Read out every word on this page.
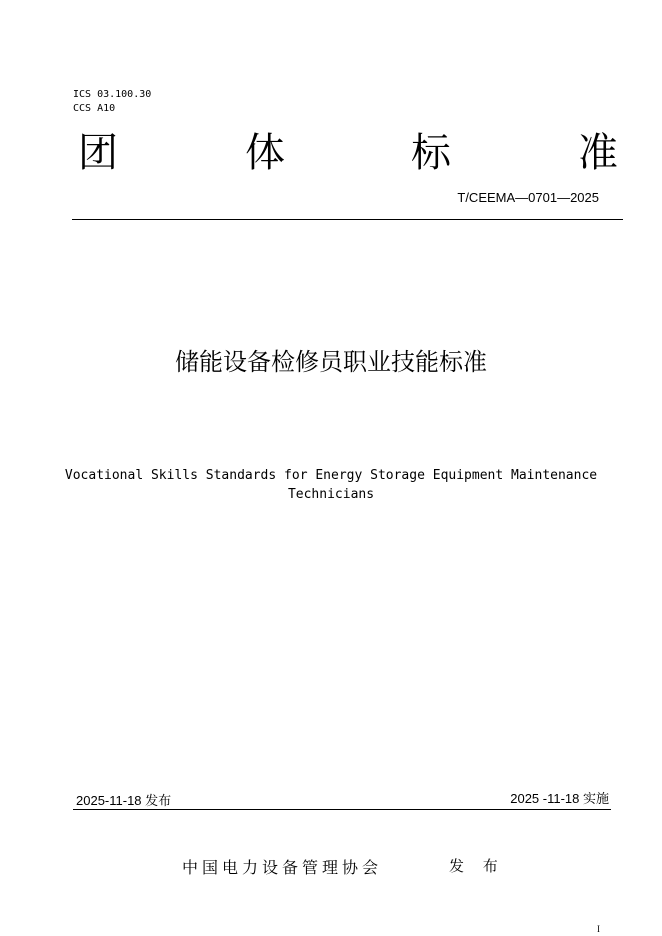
ICS 03.100.30
CCS A10
团	体	标	准
T/CEEMA—0701—2025
储能设备检修员职业技能标准
Vocational Skills Standards for Energy Storage Equipment Maintenance
Technicians
2025-11-18 发布	2025 -11-18 实施
中国电力设备管理协会	发 布
I
